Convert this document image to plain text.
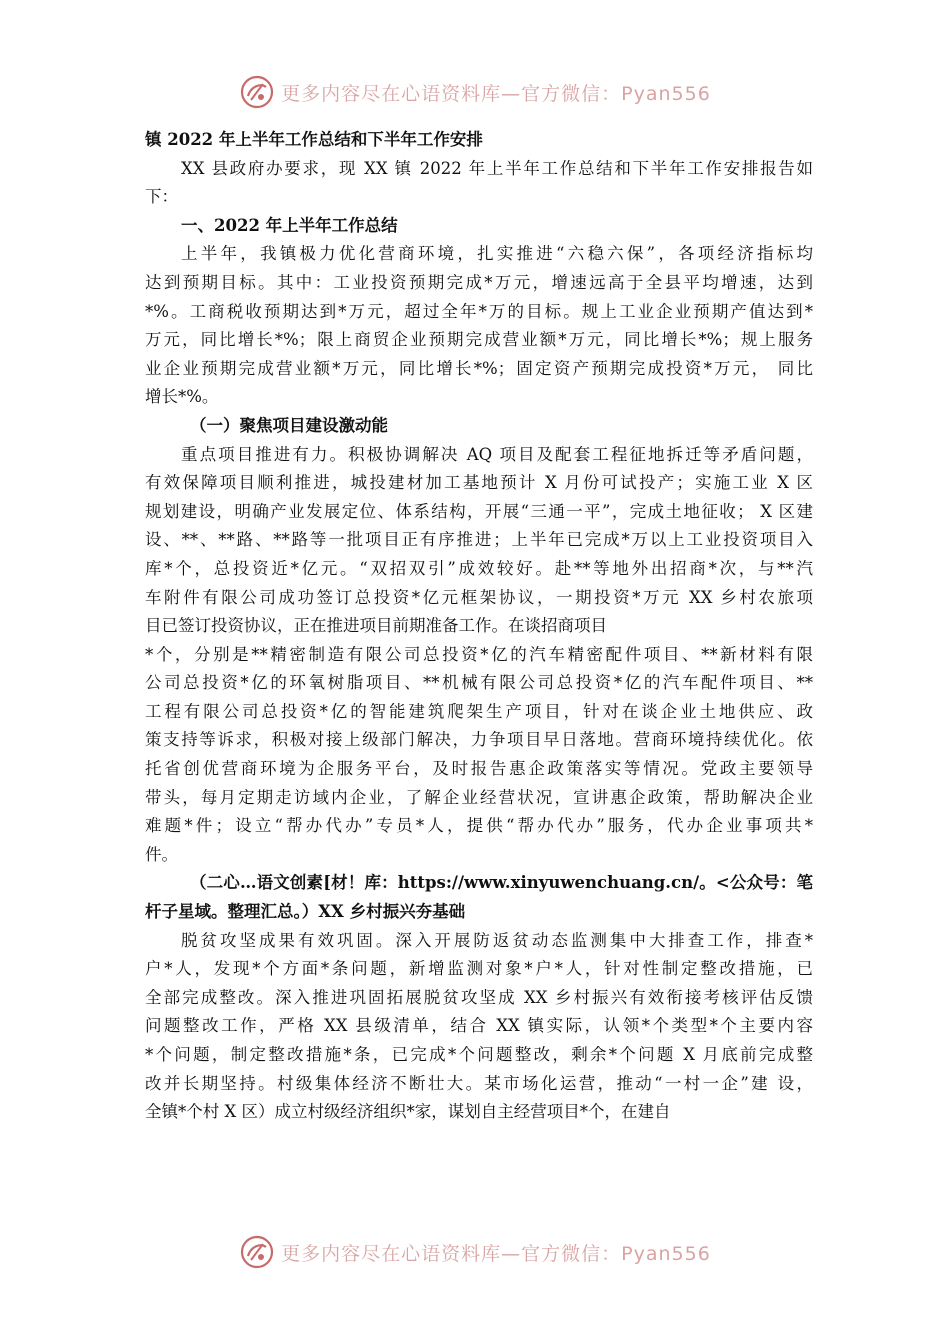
更多内容尽在心语资料库—官方微信：Pyan556
镇 2022 年上半年工作总结和下半年工作安排
XX 县政府办要求，现 XX 镇 2022 年上半年工作总结和下半年工作安排报告如
下：
一、2022 年上半年工作总结
上半年，我镇极力优化营商环境，扎实推进“六稳六保”，各项经济指标均
达到预期目标。其中：工业投资预期完成*万元，增速远高于全县平均增速，达到
*%。工商税收预期达到*万元，超过全年*万的目标。规上工业企业预期产值达到*
万元，同比增长*%；限上商贸企业预期完成营业额*万元，同比增长*%；规上服务
业企业预期完成营业额*万元，同比增长*%；固定资产预期完成投资*万元， 同比
增长*%。
（一）聚焦项目建设激动能
重点项目推进有力。积极协调解决 AQ 项目及配套工程征地拆迁等矛盾问题，
有效保障项目顺利推进，城投建材加工基地预计 X 月份可试投产；实施工业 X 区
规划建设，明确产业发展定位、体系结构，开展“三通一平”，完成土地征收； X 区建
设、**、**路、**路等一批项目正有序推进；上半年已完成*万以上工业投资项目入
库*个，总投资近*亿元。“双招双引”成效较好。赴**等地外出招商*次，与**汽
车附件有限公司成功签订总投资*亿元框架协议，一期投资*万元 XX 乡村农旅项
目已签订投资协议，正在推进项目前期准备工作。在谈招商项目
*个，分别是**精密制造有限公司总投资*亿的汽车精密配件项目、**新材料有限
公司总投资*亿的环氧树脂项目、**机械有限公司总投资*亿的汽车配件项目、**
工程有限公司总投资*亿的智能建筑爬架生产项目，针对在谈企业土地供应、政
策支持等诉求，积极对接上级部门解决，力争项目早日落地。营商环境持续优化。依
托省创优营商环境为企服务平台，及时报告惠企政策落实等情况。党政主要领导
带头，每月定期走访域内企业，了解企业经营状况，宣讲惠企政策，帮助解决企业
难题*件；设立“帮办代办”专员*人，提供“帮办代办”服务，代办企业事项共*
件。
（二心…语文创素[材！库：https://www.xinyuwenchuang.cn/。<公众号：笔
杆子星域。整理汇总。）XX 乡村振兴夯基础
脱贫攻坚成果有效巩固。深入开展防返贫动态监测集中大排查工作，排查*
户*人，发现*个方面*条问题，新增监测对象*户*人，针对性制定整改措施，已
全部完成整改。深入推进巩固拓展脱贫攻坚成 XX 乡村振兴有效衔接考核评估反馈
问题整改工作，严格 XX 县级清单，结合 XX 镇实际，认领*个类型*个主要内容
*个问题，制定整改措施*条，已完成*个问题整改，剩余*个问题 X 月底前完成整
改并长期坚持。村级集体经济不断壮大。某市场化运营，推动“一村一企”建 设，
全镇*个村 X 区）成立村级经济组织*家，谋划自主经营项目*个，在建自
更多内容尽在心语资料库—官方微信：Pyan556
